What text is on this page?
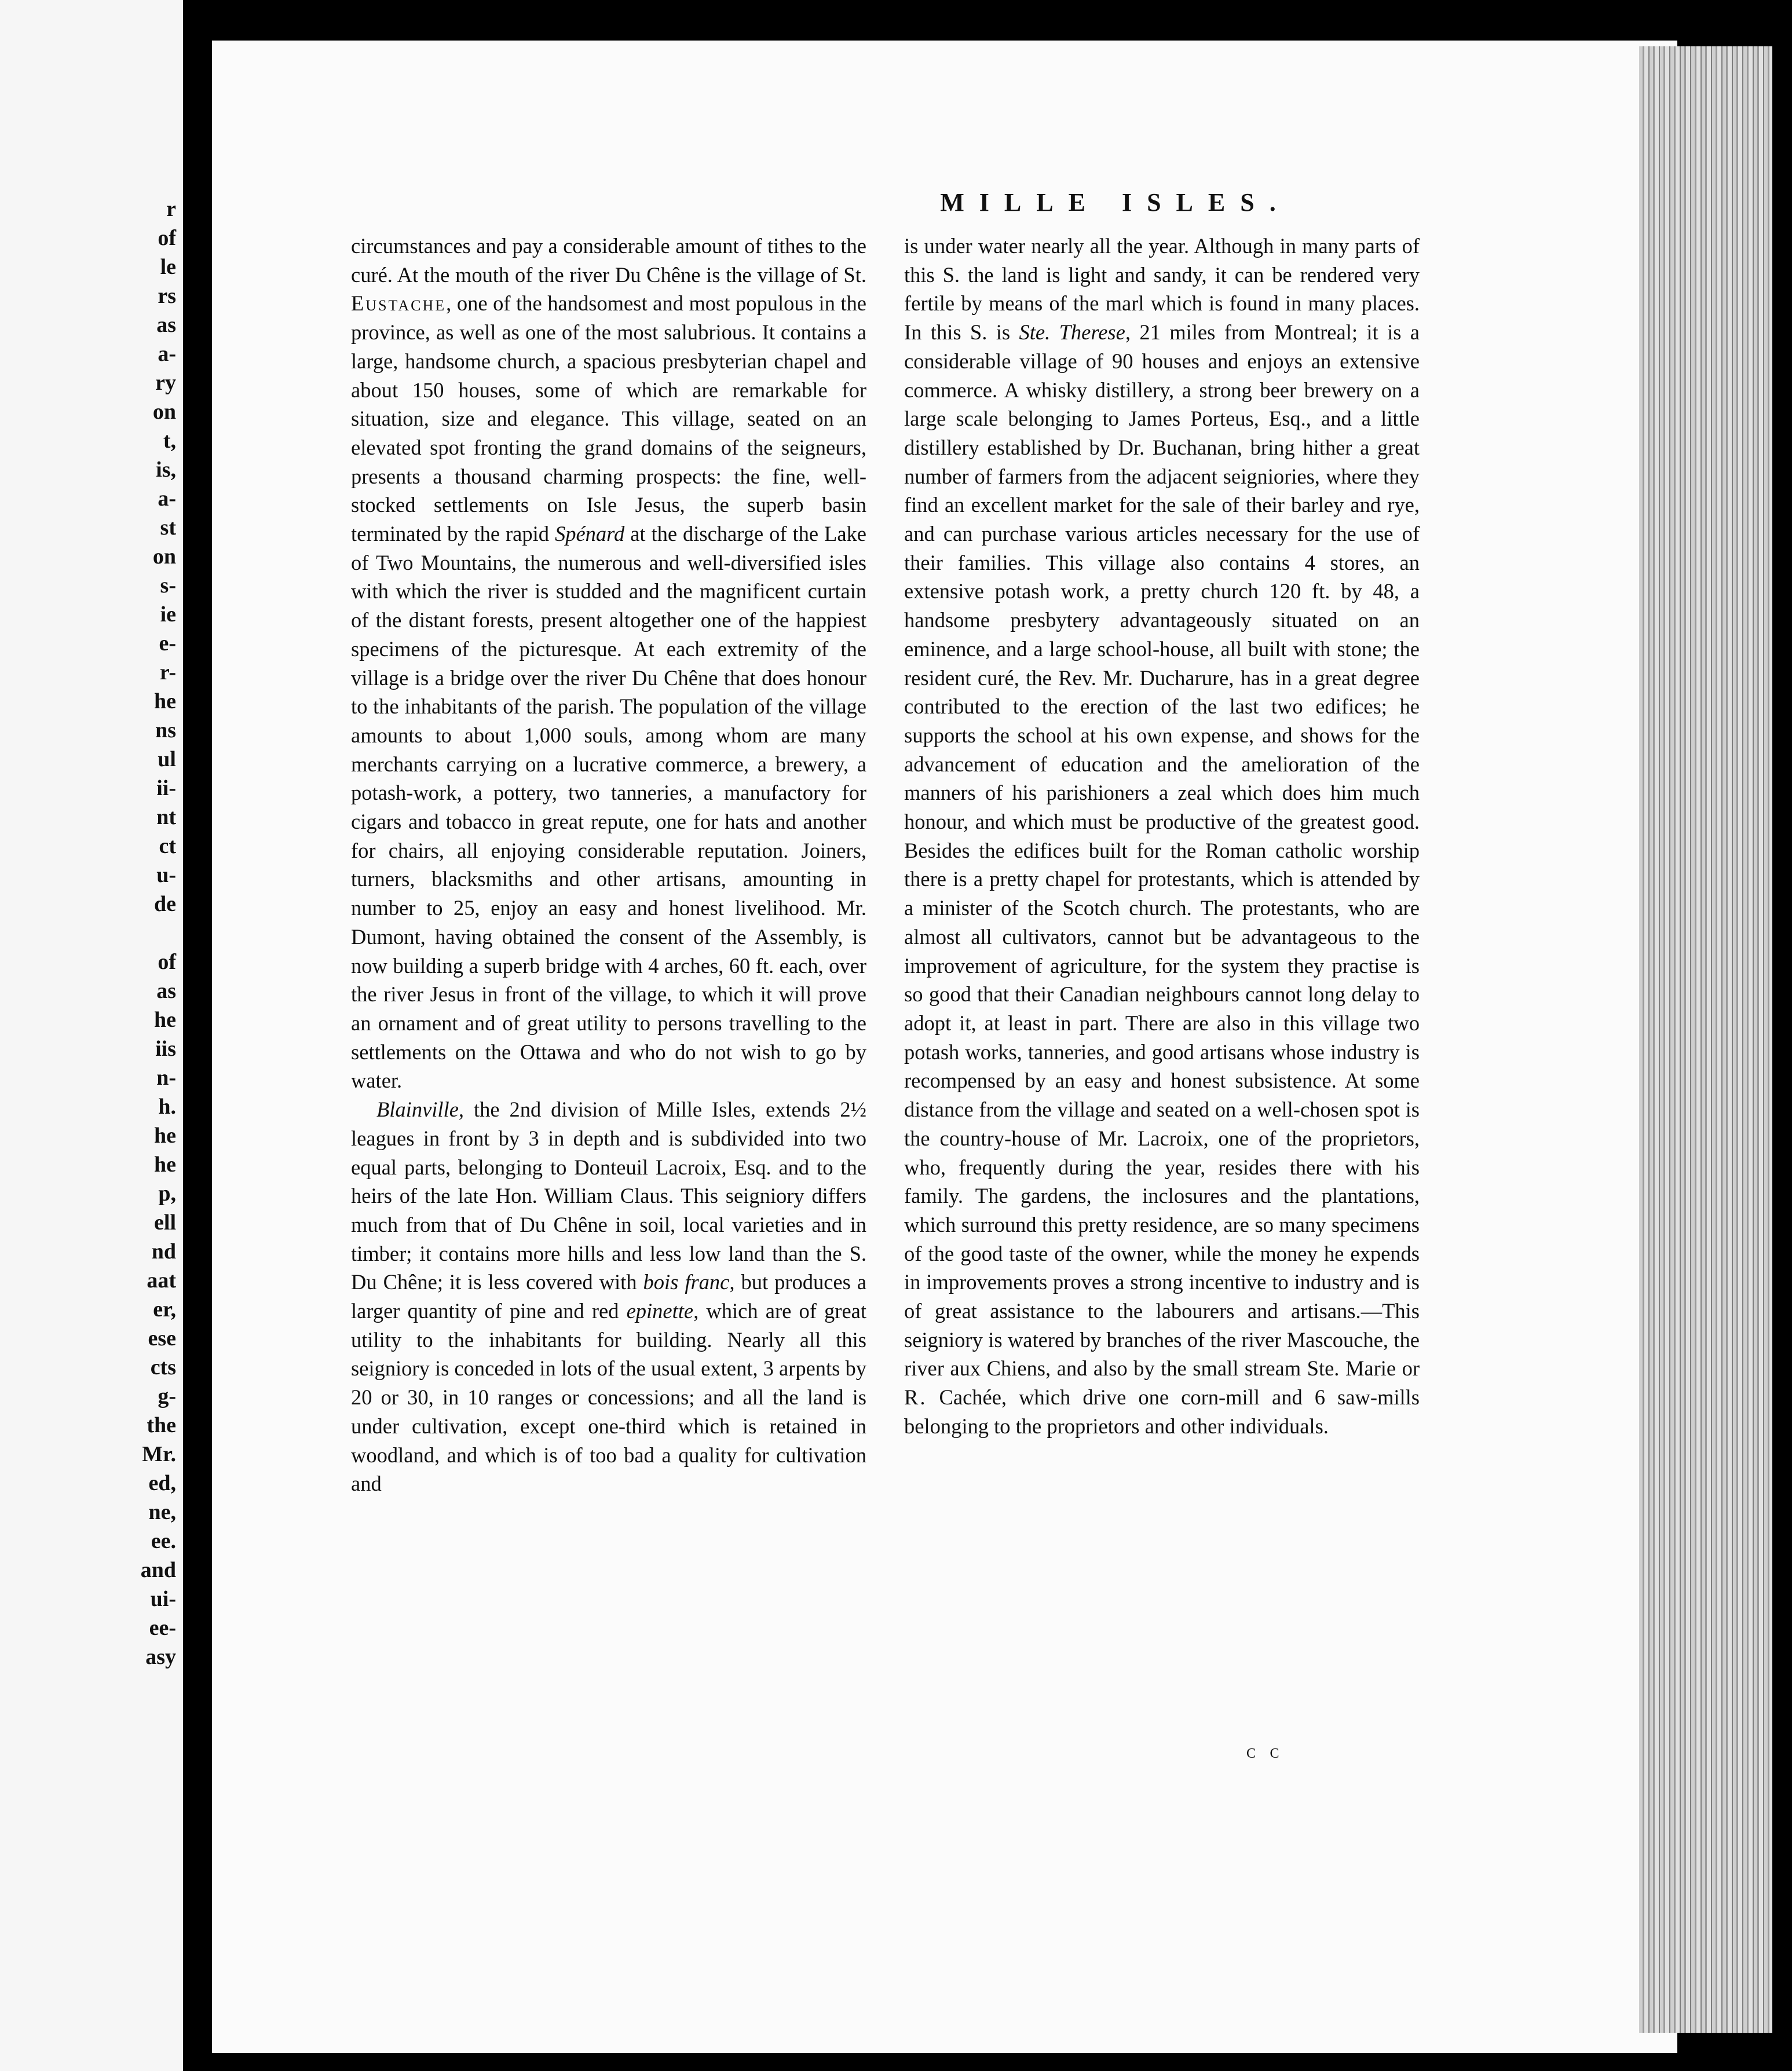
r
of
le
rs
as
a-
ry
on
t,
is,
a-
st
on
s-
ie
e-
r-
he
ns
ul
ii-
nt
ct
u-
de
of
as
he
iis
n-
h.
he
he
p,
ell
nd
aat
er,
ese
cts
g-
the
Mr.
ed,
ne,
ee.
and
ui-
ee-
asy
MILLE ISLES.

circumstances and pay a considerable amount of tithes to the curé. At the mouth of the river Du Chêne is the village of St. Eustache, one of the handsomest and most populous in the province, as well as one of the most salubrious. It contains a large, handsome church, a spacious presbyterian chapel and about 150 houses, some of which are remarkable for situation, size and elegance. This village, seated on an elevated spot fronting the grand domains of the seigneurs, presents a thousand charming prospects: the fine, well-stocked settlements on Isle Jesus, the superb basin terminated by the rapid Spénard at the discharge of the Lake of Two Mountains, the numerous and well-diversified isles with which the river is studded and the magnificent curtain of the distant forests, present altogether one of the happiest specimens of the picturesque. At each extremity of the village is a bridge over the river Du Chêne that does honour to the inhabitants of the parish. The population of the village amounts to about 1,000 souls, among whom are many merchants carrying on a lucrative commerce, a brewery, a potash-work, a pottery, two tanneries, a manufactory for cigars and tobacco in great repute, one for hats and another for chairs, all enjoying considerable reputation. Joiners, turners, blacksmiths and other artisans, amounting in number to 25, enjoy an easy and honest livelihood. Mr. Dumont, having obtained the consent of the Assembly, is now building a superb bridge with 4 arches, 60 ft. each, over the river Jesus in front of the village, to which it will prove an ornament and of great utility to persons travelling to the settlements on the Ottawa and who do not wish to go by water.

Blainville, the 2nd division of Mille Isles, extends 2½ leagues in front by 3 in depth and is subdivided into two equal parts, belonging to Donteuil Lacroix, Esq. and to the heirs of the late Hon. William Claus. This seigniory differs much from that of Du Chêne in soil, local varieties and in timber; it contains more hills and less low land than the S. Du Chêne; it is less covered with bois franc, but produces a larger quantity of pine and red epinette, which are of great utility to the inhabitants for building. Nearly all this seigniory is conceded in lots of the usual extent, 3 arpents by 20 or 30, in 10 ranges or concessions; and all the land is under cultivation, except one-third which is retained in woodland, and which is of too bad a quality for cultivation and

is under water nearly all the year. Although in many parts of this S. the land is light and sandy, it can be rendered very fertile by means of the marl which is found in many places. In this S. is Ste. Therese, 21 miles from Montreal; it is a considerable village of 90 houses and enjoys an extensive commerce. A whisky distillery, a strong beer brewery on a large scale belonging to James Porteus, Esq., and a little distillery established by Dr. Buchanan, bring hither a great number of farmers from the adjacent seigniories, where they find an excellent market for the sale of their barley and rye, and can purchase various articles necessary for the use of their families. This village also contains 4 stores, an extensive potash work, a pretty church 120 ft. by 48, a handsome presbytery advantageously situated on an eminence, and a large school-house, all built with stone; the resident curé, the Rev. Mr. Ducharure, has in a great degree contributed to the erection of the last two edifices; he supports the school at his own expense, and shows for the advancement of education and the amelioration of the manners of his parishioners a zeal which does him much honour, and which must be productive of the greatest good. Besides the edifices built for the Roman catholic worship there is a pretty chapel for protestants, which is attended by a minister of the Scotch church. The protestants, who are almost all cultivators, cannot but be advantageous to the improvement of agriculture, for the system they practise is so good that their Canadian neighbours cannot long delay to adopt it, at least in part. There are also in this village two potash works, tanneries, and good artisans whose industry is recompensed by an easy and honest subsistence. At some distance from the village and seated on a well-chosen spot is the country-house of Mr. Lacroix, one of the proprietors, who, frequently during the year, resides there with his family. The gardens, the inclosures and the plantations, which surround this pretty residence, are so many specimens of the good taste of the owner, while the money he expends in improvements proves a strong incentive to industry and is of great assistance to the labourers and artisans.—This seigniory is watered by branches of the river Mascouche, the river aux Chiens, and also by the small stream Ste. Marie or R. Cachée, which drive one corn-mill and 6 saw-mills belonging to the proprietors and other individuals.

c c
